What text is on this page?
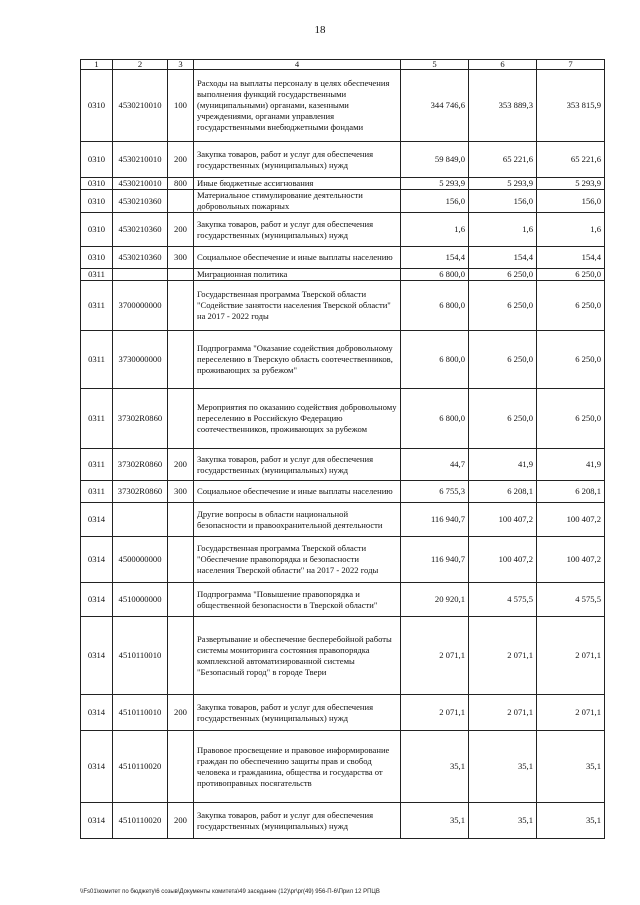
18
1	2	3	4	5	6	7
0310	4530210010	100	Расходы на выплаты персоналу в целях обеспечения выполнения функций государственными (муниципальными) органами, казенными учреждениями, органами управления государственными внебюджетными фондами	344 746,6	353 889,3	353 815,9
0310	4530210010	200	Закупка товаров, работ и услуг для обеспечения государственных (муниципальных) нужд	59 849,0	65 221,6	65 221,6
0310	4530210010	800	Иные бюджетные ассигнования	5 293,9	5 293,9	5 293,9
0310	4530210360		Материальное стимулирование деятельности добровольных пожарных	156,0	156,0	156,0
0310	4530210360	200	Закупка товаров, работ и услуг для обеспечения государственных (муниципальных) нужд	1,6	1,6	1,6
0310	4530210360	300	Социальное обеспечение и иные выплаты населению	154,4	154,4	154,4
0311			Миграционная политика	6 800,0	6 250,0	6 250,0
0311	3700000000		Государственная программа Тверской области "Содействие занятости населения Тверской области" на 2017 - 2022 годы	6 800,0	6 250,0	6 250,0
0311	3730000000		Подпрограмма "Оказание содействия добровольному переселению в Тверскую область соотечественников, проживающих за рубежом"	6 800,0	6 250,0	6 250,0
0311	37302R0860		Мероприятия по оказанию содействия добровольному переселению в Российскую Федерацию соотечественников, проживающих за рубежом	6 800,0	6 250,0	6 250,0
0311	37302R0860	200	Закупка товаров, работ и услуг для обеспечения государственных (муниципальных) нужд	44,7	41,9	41,9
0311	37302R0860	300	Социальное обеспечение и иные выплаты населению	6 755,3	6 208,1	6 208,1
0314			Другие вопросы в области национальной безопасности и правоохранительной деятельности	116 940,7	100 407,2	100 407,2
0314	4500000000		Государственная программа Тверской области "Обеспечение правопорядка и безопасности населения Тверской области" на 2017 - 2022 годы	116 940,7	100 407,2	100 407,2
0314	4510000000		Подпрограмма "Повышение правопорядка и общественной безопасности в Тверской области"	20 920,1	4 575,5	4 575,5
0314	4510110010		Развертывание и обеспечение бесперебойной работы системы мониторинга состояния правопорядка комплексной автоматизированной системы "Безопасный город" в городе Твери	2 071,1	2 071,1	2 071,1
0314	4510110010	200	Закупка товаров, работ и услуг для обеспечения государственных (муниципальных) нужд	2 071,1	2 071,1	2 071,1
0314	4510110020		Правовое просвещение и правовое информирование граждан по обеспечению защиты прав и свобод человека и гражданина, общества и государства от противоправных посягательств	35,1	35,1	35,1
0314	4510110020	200	Закупка товаров, работ и услуг для обеспечения государственных (муниципальных) нужд	35,1	35,1	35,1
\\Fs01\комитет по бюджету\6 созыв\Документы комитета\49 заседание (12)\pr\pr(49) 956-П-6\Прил 12 РПЦВ
